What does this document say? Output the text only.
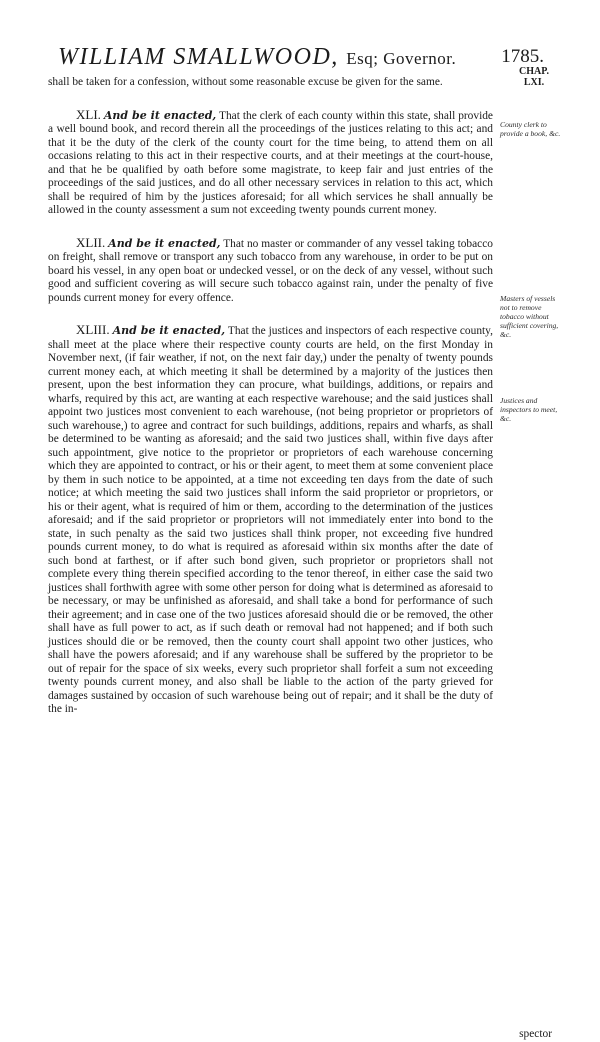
WILLIAM SMALLWOOD, Esq; Governor. 1785.
CHAP.
LXI.
County clerk to provide a book, &c.
Masters of vessels not to remove tobacco without sufficient covering, &c.
Justices and inspectors to meet, &c.

shall be taken for a confession, without some reasonable excuse be given for the same.

XLI. And be it enacted, That the clerk of each county within this state, shall provide a well bound book, and record therein all the proceedings of the justices relating to this act; and that it be the duty of the clerk of the county court for the time being, to attend them on all occasions relating to this act in their respective courts, and at their meetings at the court-house, and that he be qualified by oath before some magistrate, to keep fair and just entries of the proceedings of the said justices, and do all other necessary services in relation to this act, which shall be required of him by the justices aforesaid; for all which services he shall annually be allowed in the county assessment a sum not exceeding twenty pounds current money.

XLII. And be it enacted, That no master or commander of any vessel taking tobacco on freight, shall remove or transport any such tobacco from any warehouse, in order to be put on board his vessel, in any open boat or undecked vessel, or on the deck of any vessel, without such good and sufficient covering as will secure such tobacco against rain, under the penalty of five pounds current money for every offence.

XLIII. And be it enacted, That the justices and inspectors of each respective county, shall meet at the place where their respective county courts are held, on the first Monday in November next, (if fair weather, if not, on the next fair day,) under the penalty of twenty pounds current money each, at which meeting it shall be determined by a majority of the justices then present, upon the best information they can procure, what buildings, additions, or repairs and wharfs, required by this act, are wanting at each respective warehouse; and the said justices shall appoint two justices most convenient to each warehouse, (not being proprietor or proprietors of such warehouse,) to agree and contract for such buildings, additions, repairs and wharfs, as shall be determined to be wanting as aforesaid; and the said two justices shall, within five days after such appointment, give notice to the proprietor or proprietors of each warehouse concerning which they are appointed to contract, or his or their agent, to meet them at some convenient place by them in such notice to be appointed, at a time not exceeding ten days from the date of such notice; at which meeting the said two justices shall inform the said proprietor or proprietors, or his or their agent, what is required of him or them, according to the determination of the justices aforesaid; and if the said proprietor or proprietors will not immediately enter into bond to the state, in such penalty as the said two justices shall think proper, not exceeding five hundred pounds current money, to do what is required as aforesaid within six months after the date of such bond at farthest, or if after such bond given, such proprietor or proprietors shall not complete every thing therein specified according to the tenor thereof, in either case the said two justices shall forthwith agree with some other person for doing what is determined as aforesaid to be necessary, or may be unfinished as aforesaid, and shall take a bond for performance of such their agreement; and in case one of the two justices aforesaid should die or be removed, the other shall have as full power to act, as if such death or removal had not happened; and if both such justices should die or be removed, then the county court shall appoint two other justices, who shall have the powers aforesaid; and if any warehouse shall be suffered by the proprietor to be out of repair for the space of six weeks, every such proprietor shall forfeit a sum not exceeding twenty pounds current money, and also shall be liable to the action of the party grieved for damages sustained by occasion of such warehouse being out of repair; and it shall be the duty of the in-

spector
